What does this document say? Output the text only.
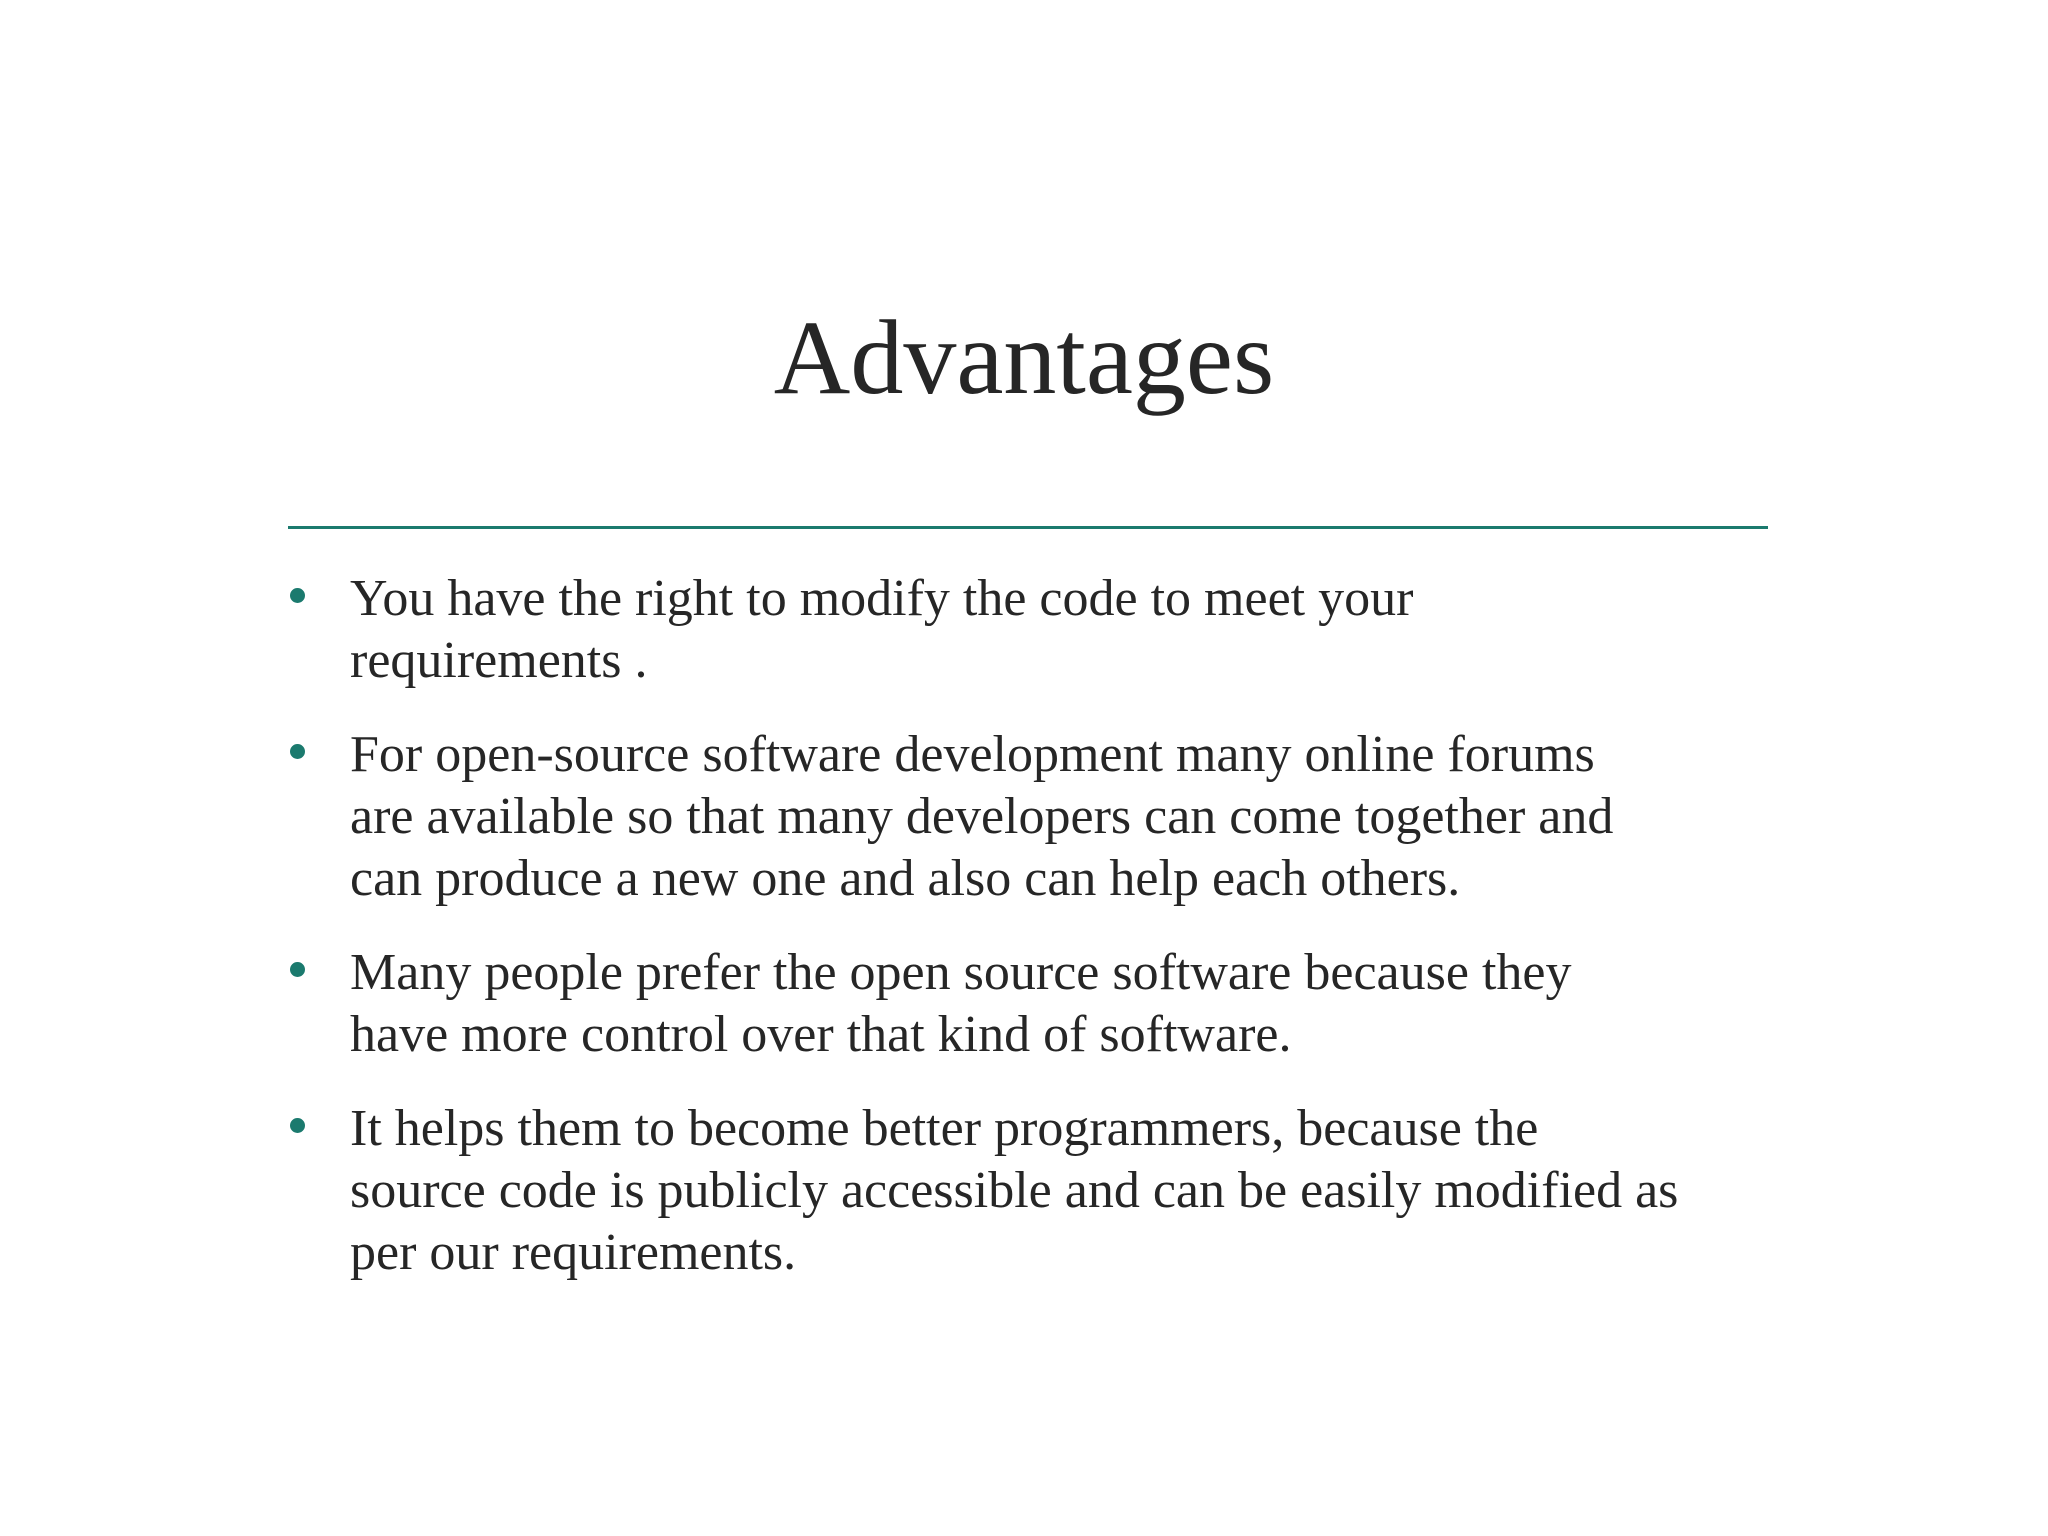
Advantages
You have the right to modify the code to meet your
requirements .
For open-source software development many online forums
are available so that many developers can come together and
can produce a new one and also can help each others.
Many people prefer the open source software because they
have more control over that kind of software.
It helps them to become better programmers, because the
source code is publicly accessible and can be easily modified as
per our requirements.
